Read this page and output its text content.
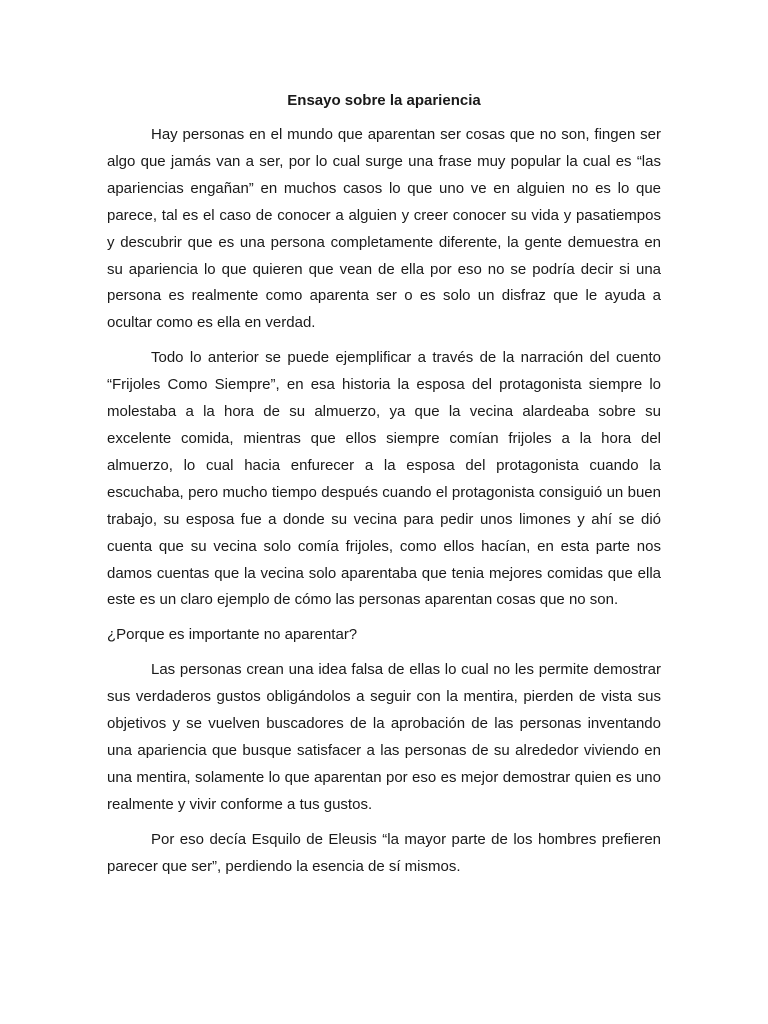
Ensayo sobre la apariencia

Hay personas en el mundo que aparentan ser cosas que no son, fingen ser algo que jamás van a ser, por lo cual surge una frase muy popular la cual es “las apariencias engañan” en muchos casos lo que uno ve en alguien no es lo que parece, tal es el caso de conocer a alguien y creer conocer su vida y pasatiempos y descubrir que es una persona completamente diferente, la gente demuestra en su apariencia lo que quieren que vean de ella por eso no se podría decir si una persona es realmente como aparenta ser o es solo un disfraz que le ayuda a ocultar como es ella en verdad.

Todo lo anterior se puede ejemplificar a través de la narración del cuento “Frijoles Como Siempre”, en esa historia la esposa del protagonista siempre lo molestaba a la hora de su almuerzo, ya que la vecina alardeaba sobre su excelente comida, mientras que ellos siempre comían frijoles a la hora del almuerzo, lo cual hacia enfurecer a la esposa del protagonista cuando la escuchaba, pero mucho tiempo después cuando el protagonista consiguió un buen trabajo, su esposa fue a donde su vecina para pedir unos limones y ahí se dió cuenta que su vecina solo comía frijoles, como ellos hacían, en esta parte nos damos cuentas que la vecina solo aparentaba que tenia mejores comidas que ella este es un claro ejemplo de cómo las personas aparentan cosas que no son.

¿Porque es importante no aparentar?

Las personas crean una idea falsa de ellas lo cual no les permite demostrar sus verdaderos gustos obligándolos a seguir con la mentira, pierden de vista sus objetivos y se vuelven buscadores de la aprobación de las personas inventando una apariencia que busque satisfacer a las personas de su alrededor viviendo en una mentira, solamente lo que aparentan por eso es mejor demostrar quien es uno realmente y vivir conforme a tus gustos.

Por eso decía Esquilo de Eleusis “la mayor parte de los hombres prefieren parecer que ser”, perdiendo la esencia de sí mismos.
